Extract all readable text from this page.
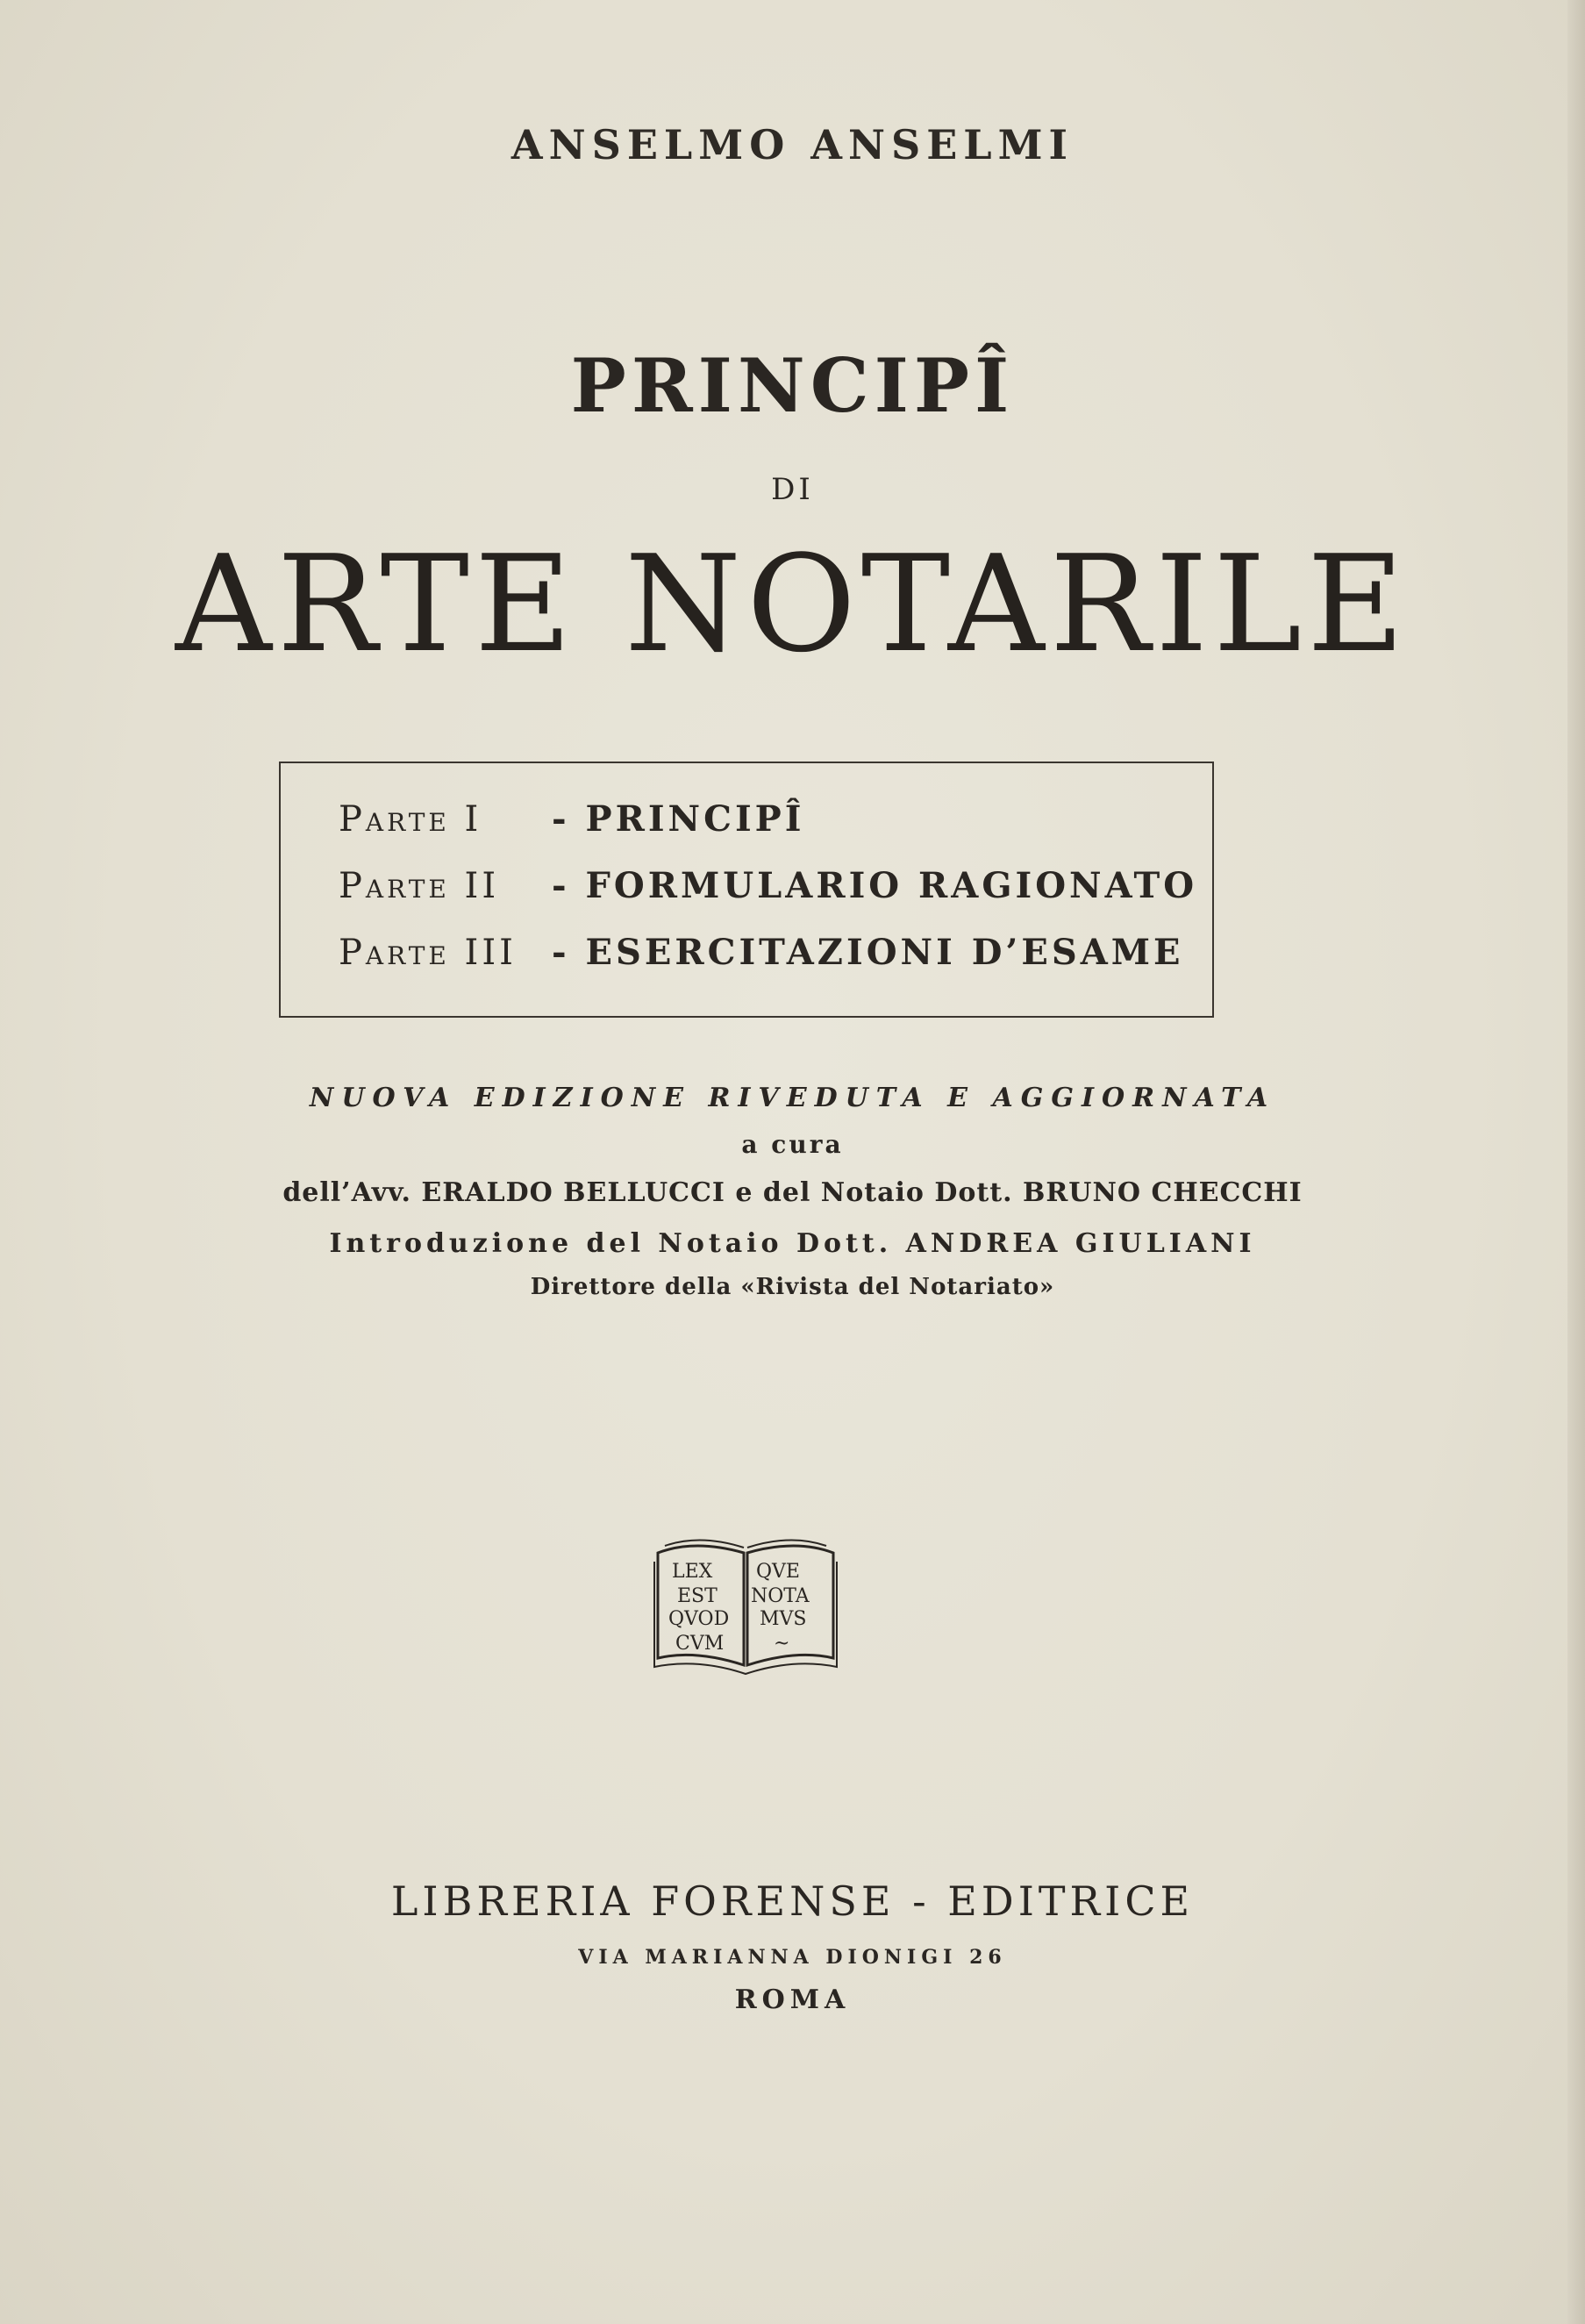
ANSELMO ANSELMI
PRINCIPÎ
DI
ARTE NOTARILE
Parte I - PRINCIPÎ
Parte II - FORMULARIO RAGIONATO
Parte III - ESERCITAZIONI D’ESAME
NUOVA EDIZIONE RIVEDUTA E AGGIORNATA
a cura
dell’Avv. ERALDO BELLUCCI e del Notaio Dott. BRUNO CHECCHI
Introduzione del Notaio Dott. ANDREA GIULIANI
Direttore della «Rivista del Notariato»
LEX
EST
QVOD
CVM
QVE
NOTA
MVS
~
LIBRERIA FORENSE - EDITRICE
VIA MARIANNA DIONIGI 26
ROMA
